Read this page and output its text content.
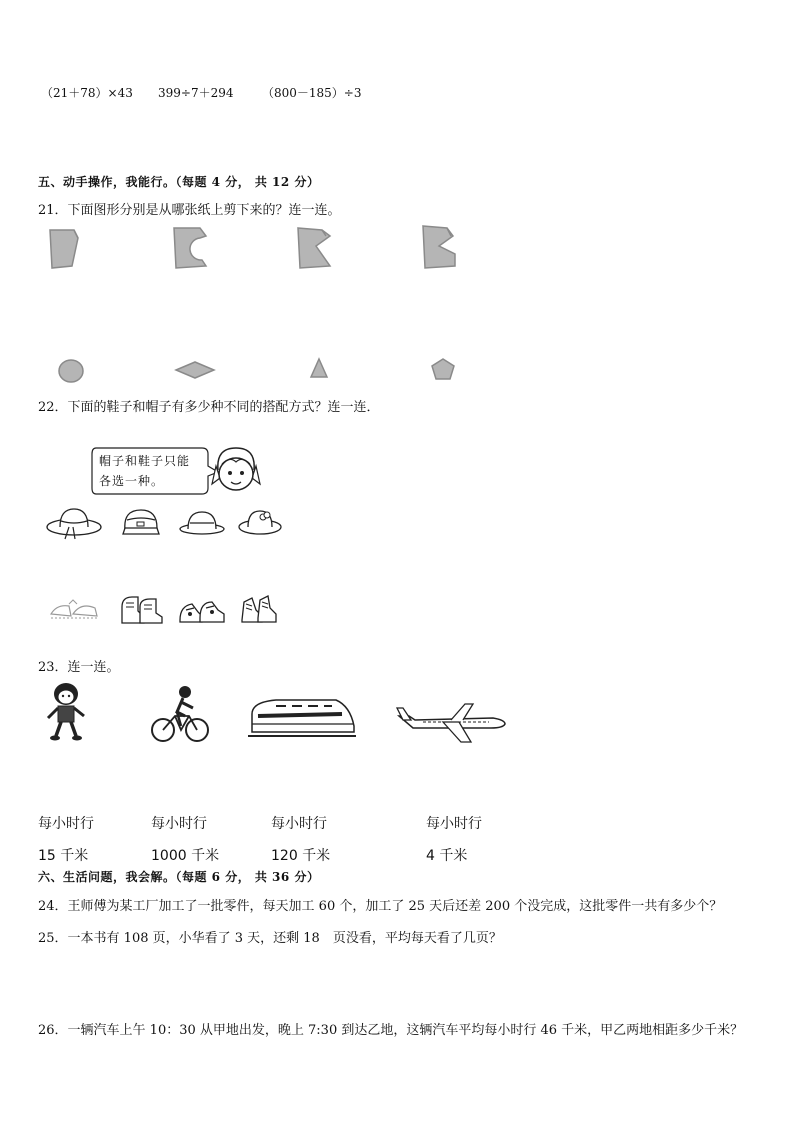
（21＋78）×43 399÷7＋294 （800－185）÷3
五、动手操作，我能行。（每题 4 分， 共 12 分）
21．下面图形分别是从哪张纸上剪下来的？连一连。
22．下面的鞋子和帽子有多少种不同的搭配方式？连一连．
帽子和鞋子只能
各选一种。
23．连一连。
每小时行
15 千米
每小时行
1000 千米
每小时行
120 千米
每小时行
4 千米
六、生活问题，我会解。（每题 6 分， 共 36 分）
24．王师傅为某工厂加工了一批零件，每天加工 60 个，加工了 25 天后还差 200 个没完成，这批零件一共有多少个？
25．一本书有 108 页，小华看了 3 天，还剩 18　页没看，平均每天看了几页？
26．一辆汽车上午 10：30 从甲地出发，晚上 7:30 到达乙地，这辆汽车平均每小时行 46 千米，甲乙两地相距多少千米？
